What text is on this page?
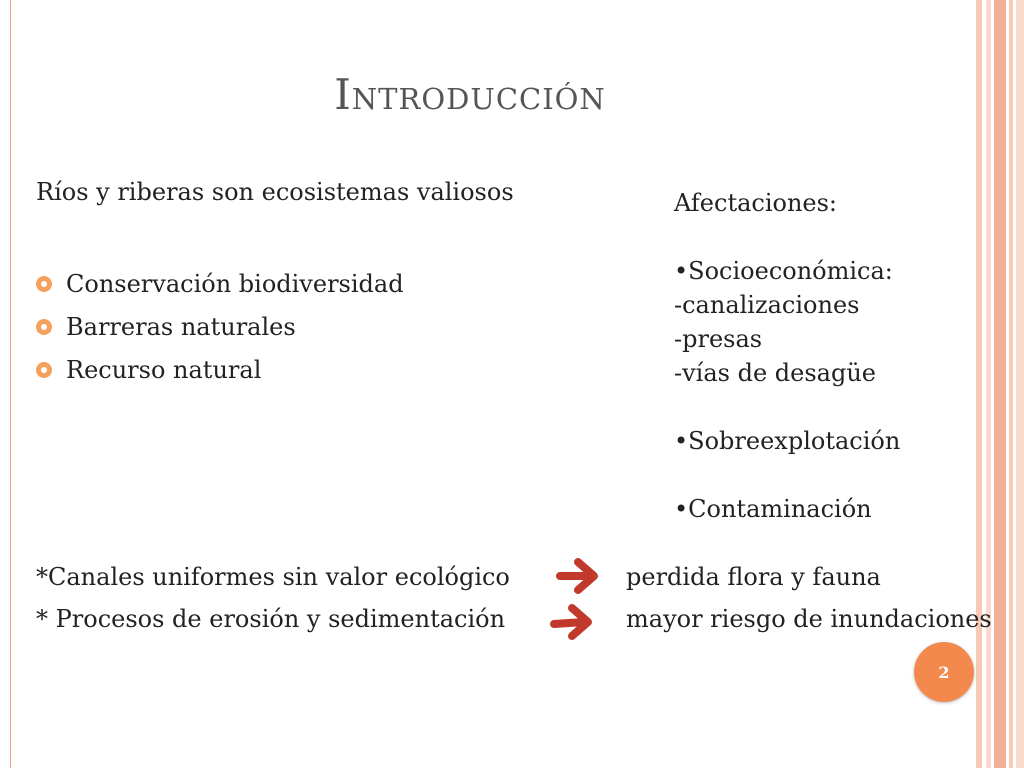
Introducción
Ríos y riberas son ecosistemas valiosos
Conservación biodiversidad
Barreras naturales
Recurso natural
Afectaciones:
•Socioeconómica:
-canalizaciones
-presas
-vías de desagüe
•Sobreexplotación
•Contaminación
*Canales uniformes sin valor ecológico	perdida flora y fauna
* Procesos de erosión y sedimentación	mayor riesgo de inundaciones
2
